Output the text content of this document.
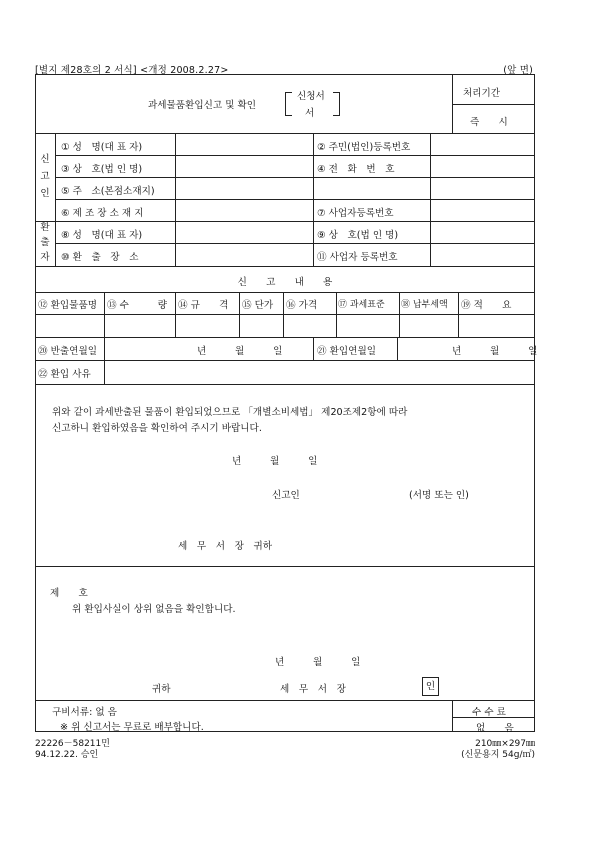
[별지 제28호의 2 서식] <개정 2008.2.27>	(앞 면)
과세물품환입신고 및 확인
신청서
서
처리기간
즉　　시
신
고
인
① 성　명(대 표 자)	② 주민(법인)등록번호
③ 상　호(법 인 명)	④ 전　화　번　호
⑤ 주　소(본점소재지)
⑥ 제 조 장 소 재 지	⑦ 사업자등록번호
환
출
자
⑧ 성　명(대 표 자)	⑨ 상　호(법 인 명)
⑩ 환　출　장　소	⑪ 사업자 등록번호
신　　고　　내　　용
⑫ 환입물품명 ⑬ 수　　　량 ⑭ 규　　격 ⑮ 단가 ⑯ 가격 ⑰ 과세표준 ⑱ 납부세액 ⑲ 적　　요
⑳ 반출연월일	년　　　월　　　일	㉑ 환입연월일	년　　　월　　　일
㉒ 환입 사유
위와 같이 과세반출된 물품이 환입되었으므로 「개별소비세법」 제20조제2항에 따라
신고하니 환입하였음을 확인하여 주시기 바랍니다.
년　　　월　　　일
신고인	(서명 또는 인)
세　무　서　장　귀하
제　　호
위 환입사실이 상위 없음을 확인합니다.
년　　　월　　　일
귀하	세　무　서　장	인
구비서류: 없 음
※ 위 신고서는 무료로 배부합니다.
수 수 료
없　　음
22226－58211민
94.12.22. 승인
210㎜×297㎜
(신문용지 54g/㎡)
